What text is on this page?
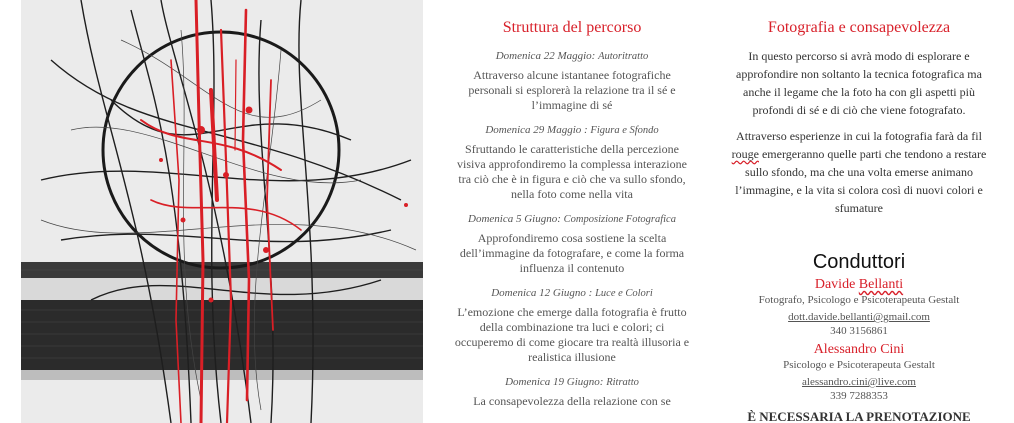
Struttura del percorso
Domenica 22 Maggio: Autoritratto
Attraverso alcune istantanee fotografiche personali si esplorerà la relazione tra il sé e l’immagine di sé
Domenica 29 Maggio : Figura e Sfondo
Sfruttando le caratteristiche della percezione visiva approfondiremo la complessa interazione tra ciò che è in figura e ciò che va sullo sfondo, nella foto come nella vita
Domenica 5 Giugno: Composizione Fotografica
Approfondiremo cosa sostiene la scelta dell’immagine da fotografare, e come la forma influenza il contenuto
Domenica 12 Giugno : Luce e Colori
L’emozione che emerge dalla fotografia è frutto della combinazione tra luci e colori; ci occuperemo di come giocare tra realtà illusoria e realistica illusione
Domenica 19 Giugno: Ritratto
La consapevolezza della relazione con se
Fotografia e consapevolezza

In questo percorso si avrà modo di esplorare e approfondire non soltanto la tecnica fotografica ma anche il legame che la foto ha con gli aspetti più profondi di sé e di ciò che viene fotografato.

Attraverso esperienze in cui la fotografia farà da fil rouge emergeranno quelle parti che tendono a restare sullo sfondo, ma che una volta emerse animano l’immagine, e la vita si colora così di nuovi colori e sfumature

Conduttori
Davide Bellanti
Fotografo, Psicologo e Psicoterapeuta Gestalt
dott.davide.bellanti@gmail.com
340 3156861
Alessandro Cini
Psicologo e Psicoterapeuta Gestalt
alessandro.cini@live.com
339 7288353
È NECESSARIA LA PRENOTAZIONE
